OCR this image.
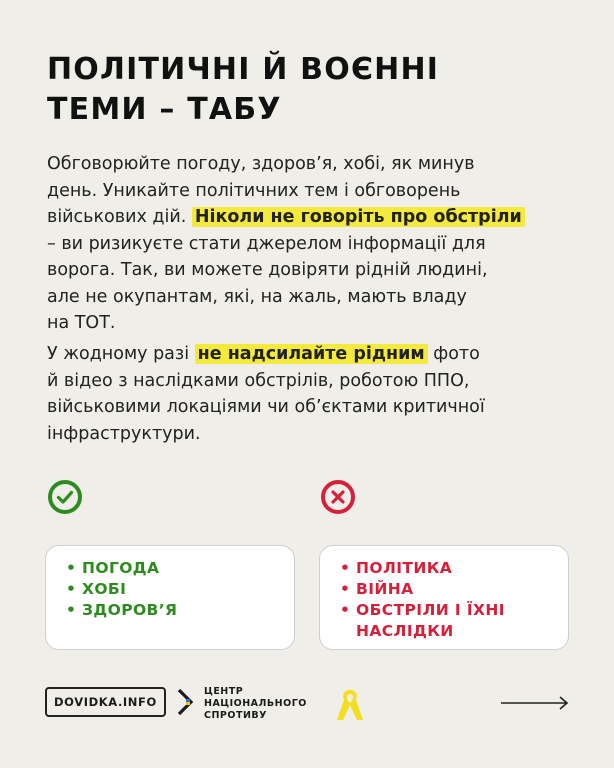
ПОЛІТИЧНІ Й ВОЄННІ
ТЕМИ – ТАБУ
Обговорюйте погоду, здоров’я, хобі, як минув
день. Уникайте політичних тем і обговорень
військових дій. Ніколи не говоріть про обстріли
– ви ризикуєте стати джерелом інформації для
ворога. Так, ви можете довіряти рідній людині,
але не окупантам, які, на жаль, мають владу
на ТОТ.
У жодному разі не надсилайте рідним фото
й відео з наслідками обстрілів, роботою ППО,
військовими локаціями чи об’єктами критичної
інфраструктури.
• ПОГОДА
• ХОБІ
• ЗДОРОВ’Я
• ПОЛІТИКА
• ВІЙНА
• ОБСТРІЛИ І ЇХНІ
НАСЛІДКИ
DOVIDKA.INFO
ЦЕНТР
НАЦІОНАЛЬНОГО
СПРОТИВУ
